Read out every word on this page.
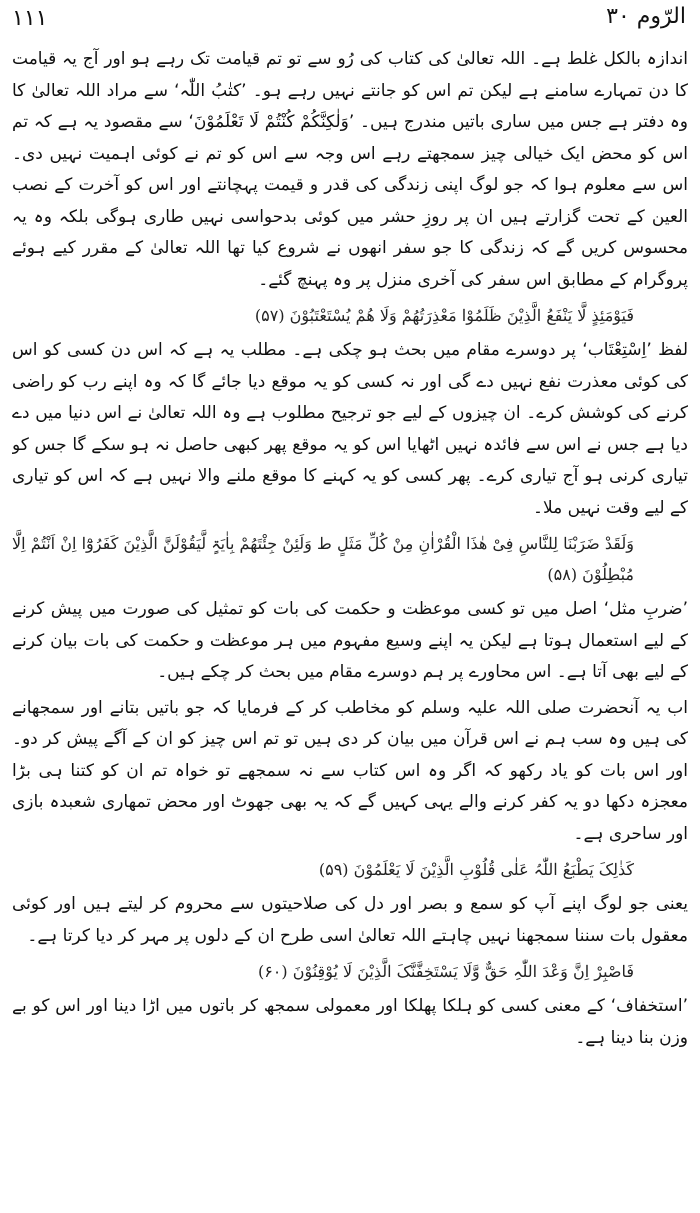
۱۱۱	الرّوم ۳۰
اندازہ بالکل غلط ہے۔ اللہ تعالیٰ کی کتاب کی رُو سے تو تم قیامت تک رہے ہو اور آج یہ قیامت کا دن تمہارے سامنے ہے لیکن تم اس کو جانتے نہیں رہے ہو۔ ’کتٰبُ اللّٰہ‘ سے مراد اللہ تعالیٰ کا وہ دفتر ہے جس میں ساری باتیں مندرج ہیں۔ ’وَلٰکِنَّکُمْ کُنْتُمْ لَا تَعْلَمُوْنَ‘ سے مقصود یہ ہے کہ تم اس کو محض ایک خیالی چیز سمجھتے رہے اس وجہ سے اس کو تم نے کوئی اہمیت نہیں دی۔ اس سے معلوم ہوا کہ جو لوگ اپنی زندگی کی قدر و قیمت پہچانتے اور اس کو آخرت کے نصب العین کے تحت گزارتے ہیں ان پر روزِ حشر میں کوئی بدحواسی نہیں طاری ہوگی بلکہ وہ یہ محسوس کریں گے کہ زندگی کا جو سفر انھوں نے شروع کیا تھا اللہ تعالیٰ کے مقرر کیے ہوئے پروگرام کے مطابق اس سفر کی آخری منزل پر وہ پہنچ گئے۔
فَیَوْمَئِذٍ لَّا یَنْفَعُ الَّذِیْنَ ظَلَمُوْا مَعْذِرَتُھُمْ وَلَا ھُمْ یُسْتَعْتَبُوْنَ (۵۷)
لفظ ’اِسْتِعْتَاب‘ پر دوسرے مقام میں بحث ہو چکی ہے۔ مطلب یہ ہے کہ اس دن کسی کو اس کی کوئی معذرت نفع نہیں دے گی اور نہ کسی کو یہ موقع دیا جائے گا کہ وہ اپنے رب کو راضی کرنے کی کوشش کرے۔ ان چیزوں کے لیے جو ترجیح مطلوب ہے وہ اللہ تعالیٰ نے اس دنیا میں دے دیا ہے جس نے اس سے فائدہ نہیں اٹھایا اس کو یہ موقع پھر کبھی حاصل نہ ہو سکے گا جس کو تیاری کرنی ہو آج تیاری کرے۔ پھر کسی کو یہ کہنے کا موقع ملنے والا نہیں ہے کہ اس کو تیاری کے لیے وقت نہیں ملا۔
وَلَقَدْ ضَرَبْنَا لِلنَّاسِ فِیْ ھٰذَا الْقُرْاٰنِ مِنْ کُلِّ مَثَلٍ ط وَلَئِنْ جِئْتَھُمْ بِاٰیَۃٍ لَّیَقُوْلَنَّ الَّذِیْنَ کَفَرُوْٓا اِنْ اَنْتُمْ اِلَّا مُبْطِلُوْنَ (۵۸)
’ضربِ مثل‘ اصل میں تو کسی موعظت و حکمت کی بات کو تمثیل کی صورت میں پیش کرنے کے لیے استعمال ہوتا ہے لیکن یہ اپنے وسیع مفہوم میں ہر موعظت و حکمت کی بات بیان کرنے کے لیے بھی آتا ہے۔ اس محاورے پر ہم دوسرے مقام میں بحث کر چکے ہیں۔
اب یہ آنحضرت صلی اللہ علیہ وسلم کو مخاطب کر کے فرمایا کہ جو باتیں بتانے اور سمجھانے کی ہیں وہ سب ہم نے اس قرآن میں بیان کر دی ہیں تو تم اس چیز کو ان کے آگے پیش کر دو۔ اور اس بات کو یاد رکھو کہ اگر وہ اس کتاب سے نہ سمجھے تو خواہ تم ان کو کتنا ہی بڑا معجزہ دکھا دو یہ کفر کرنے والے یہی کہیں گے کہ یہ بھی جھوٹ اور محض تمھاری شعبدہ بازی اور ساحری ہے۔
کَذٰلِکَ یَطْبَعُ اللّٰہُ عَلٰی قُلُوْبِ الَّذِیْنَ لَا یَعْلَمُوْنَ (۵۹)
یعنی جو لوگ اپنے آپ کو سمع و بصر اور دل کی صلاحیتوں سے محروم کر لیتے ہیں اور کوئی معقول بات سننا سمجھنا نہیں چاہتے اللہ تعالیٰ اسی طرح ان کے دلوں پر مہر کر دیا کرتا ہے۔
فَاصْبِرْ اِنَّ وَعْدَ اللّٰہِ حَقٌّ وَّلَا یَسْتَخِفَّنَّکَ الَّذِیْنَ لَا یُوْقِنُوْنَ (۶۰)
’استخفاف‘ کے معنی کسی کو ہلکا پھلکا اور معمولی سمجھ کر باتوں میں اڑا دینا اور اس کو بے وزن بنا دینا ہے۔
